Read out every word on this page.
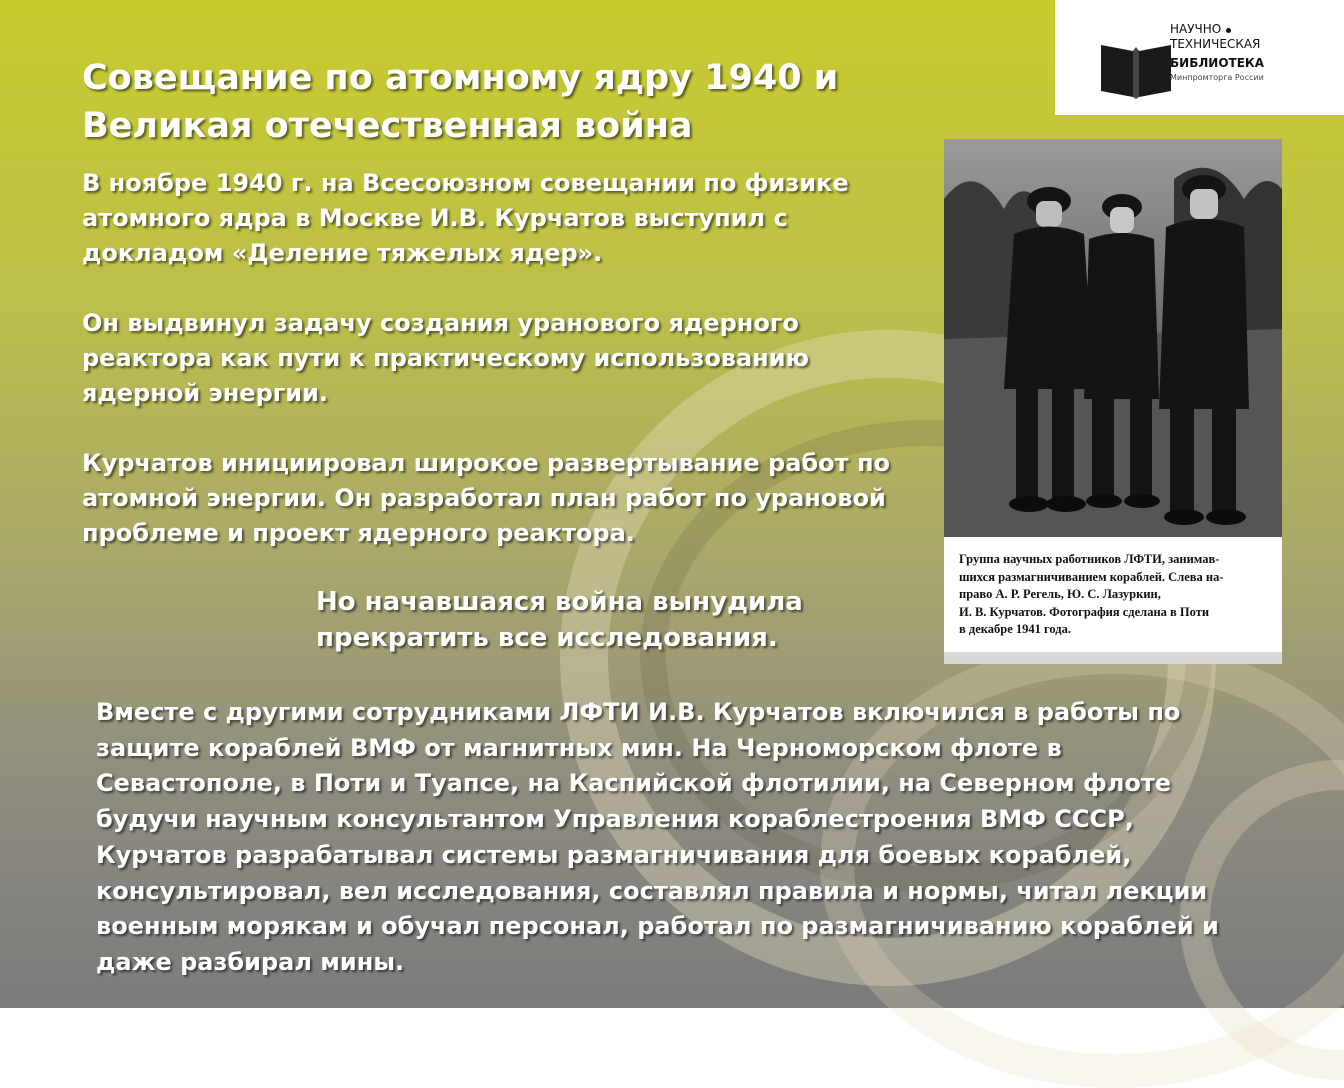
Совещание по атомному ядру 1940 и
Великая отечественная война
В ноябре 1940 г. на Всесоюзном совещании по физике
атомного ядра в Москве И.В. Курчатов выступил с
докладом «Деление тяжелых ядер».

Он выдвинул задачу создания уранового ядерного
реактора как пути к практическому использованию
ядерной энергии.

Курчатов инициировал широкое развертывание работ по
атомной энергии. Он разработал план работ по урановой
проблеме и проект ядерного реактора.
Но начавшаяся война вынудила
прекратить все исследования.
Вместе с другими сотрудниками ЛФТИ И.В. Курчатов включился в работы по
защите кораблей ВМФ от магнитных мин. На Черноморском флоте в
Севастополе, в Поти и Туапсе, на Каспийской флотилии, на Северном флоте
будучи научным консультантом Управления кораблестроения ВМФ СССР,
Курчатов разрабатывал системы размагничивания для боевых кораблей,
консультировал, вел исследования, составлял правила и нормы, читал лекции
военным морякам и обучал персонал, работал по размагничиванию кораблей и
даже разбирал мины.
НАУЧНО
ТЕХНИЧЕСКАЯ
БИБЛИОТЕКА
Минпромторга России
Группа научных работников ЛФТИ, занимав-
шихся размагничиванием кораблей. Слева на-
право А. Р. Регель, Ю. С. Лазуркин,
И. В. Курчатов. Фотография сделана в Поти
в декабре 1941 года.
